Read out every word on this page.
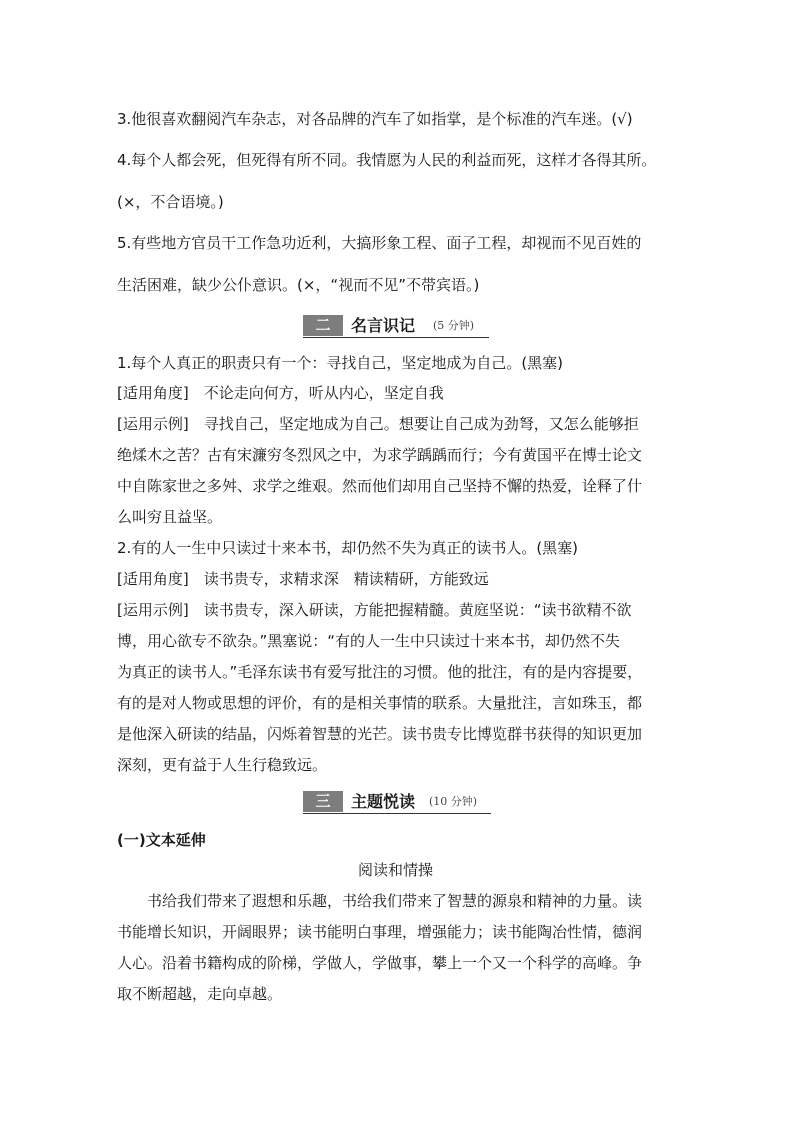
3.他很喜欢翻阅汽车杂志，对各品牌的汽车了如指掌，是个标准的汽车迷。(√)
4.每个人都会死，但死得有所不同。我情愿为人民的利益而死，这样才各得其所。
(×，不合语境。)
5.有些地方官员干工作急功近利，大搞形象工程、面子工程，却视而不见百姓的
生活困难，缺少公仆意识。(×，“视而不见”不带宾语。)
二	名言识记	(5 分钟)
1.每个人真正的职责只有一个：寻找自己，坚定地成为自己。(黑塞)
[适用角度]　不论走向何方，听从内心，坚定自我
[运用示例]　寻找自己，坚定地成为自己。想要让自己成为劲弩，又怎么能够拒
绝煣木之苦？古有宋濂穷冬烈风之中，为求学踽踽而行；今有黄国平在博士论文
中自陈家世之多舛、求学之维艰。然而他们却用自己坚持不懈的热爱，诠释了什
么叫穷且益坚。
2.有的人一生中只读过十来本书，却仍然不失为真正的读书人。(黑塞)
[适用角度]　读书贵专，求精求深　精读精研，方能致远
[运用示例]　读书贵专，深入研读，方能把握精髓。黄庭坚说：“读书欲精不欲
博，用心欲专不欲杂。”黑塞说：“有的人一生中只读过十来本书，却仍然不失
为真正的读书人。”毛泽东读书有爱写批注的习惯。他的批注，有的是内容提要，
有的是对人物或思想的评价，有的是相关事情的联系。大量批注，言如珠玉，都
是他深入研读的结晶，闪烁着智慧的光芒。读书贵专比博览群书获得的知识更加
深刻，更有益于人生行稳致远。
三	主题悦读	(10 分钟)
(一)文本延伸
阅读和情操
　　书给我们带来了遐想和乐趣，书给我们带来了智慧的源泉和精神的力量。读
书能增长知识，开阔眼界；读书能明白事理，增强能力；读书能陶冶性情，德润
人心。沿着书籍构成的阶梯，学做人，学做事，攀上一个又一个科学的高峰。争
取不断超越，走向卓越。
